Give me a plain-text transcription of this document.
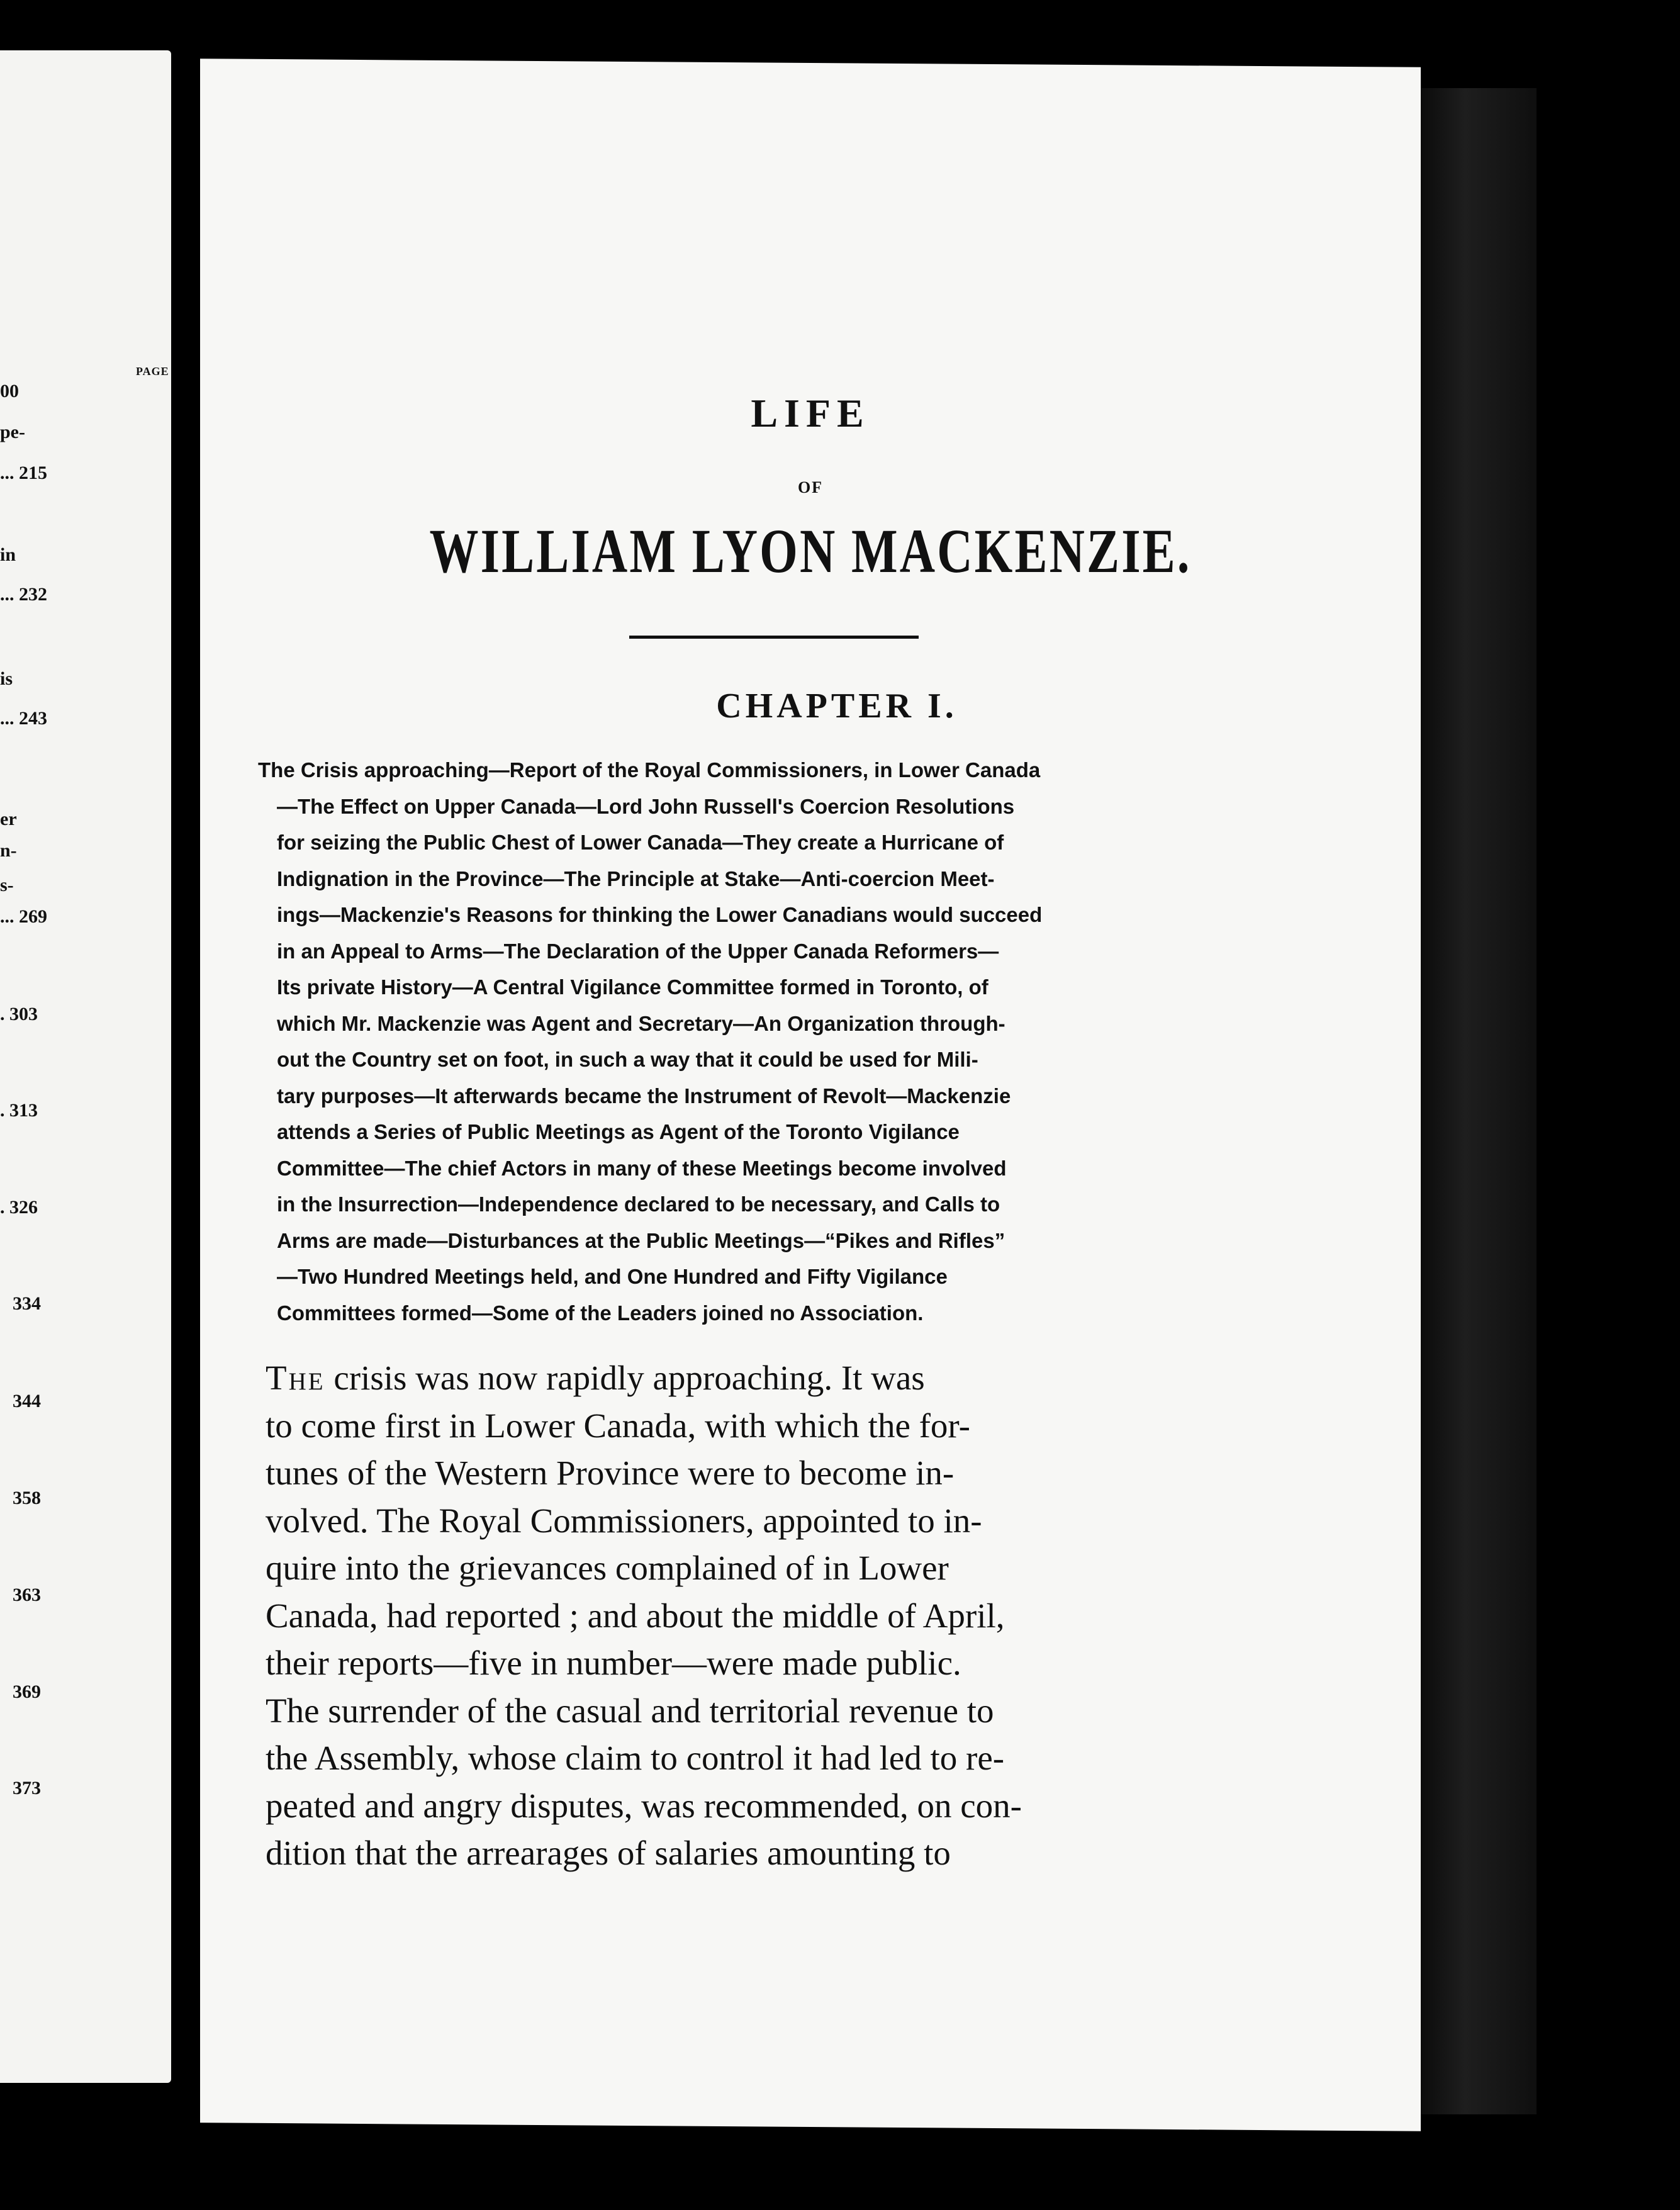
PAGE
00
pe-
... 215
in
... 232
is
... 243
er
n-
s-
... 269
. 303
. 313
. 326
334
344
358
363
369
373
LIFE
OF
WILLIAM LYON MACKENZIE.
CHAPTER I.
The Crisis approaching—Report of the Royal Commissioners, in Lower Canada
—The Effect on Upper Canada—Lord John Russell's Coercion Resolutions
for seizing the Public Chest of Lower Canada—They create a Hurricane of
Indignation in the Province—The Principle at Stake—Anti-coercion Meet-
ings—Mackenzie's Reasons for thinking the Lower Canadians would succeed
in an Appeal to Arms—The Declaration of the Upper Canada Reformers—
Its private History—A Central Vigilance Committee formed in Toronto, of
which Mr. Mackenzie was Agent and Secretary—An Organization through-
out the Country set on foot, in such a way that it could be used for Mili-
tary purposes—It afterwards became the Instrument of Revolt—Mackenzie
attends a Series of Public Meetings as Agent of the Toronto Vigilance
Committee—The chief Actors in many of these Meetings become involved
in the Insurrection—Independence declared to be necessary, and Calls to
Arms are made—Disturbances at the Public Meetings—“Pikes and Rifles”
—Two Hundred Meetings held, and One Hundred and Fifty Vigilance
Committees formed—Some of the Leaders joined no Association.
The crisis was now rapidly approaching. It was
to come first in Lower Canada, with which the for-
tunes of the Western Province were to become in-
volved. The Royal Commissioners, appointed to in-
quire into the grievances complained of in Lower
Canada, had reported ; and about the middle of April,
their reports—five in number—were made public.
The surrender of the casual and territorial revenue to
the Assembly, whose claim to control it had led to re-
peated and angry disputes, was recommended, on con-
dition that the arrearages of salaries amounting to
